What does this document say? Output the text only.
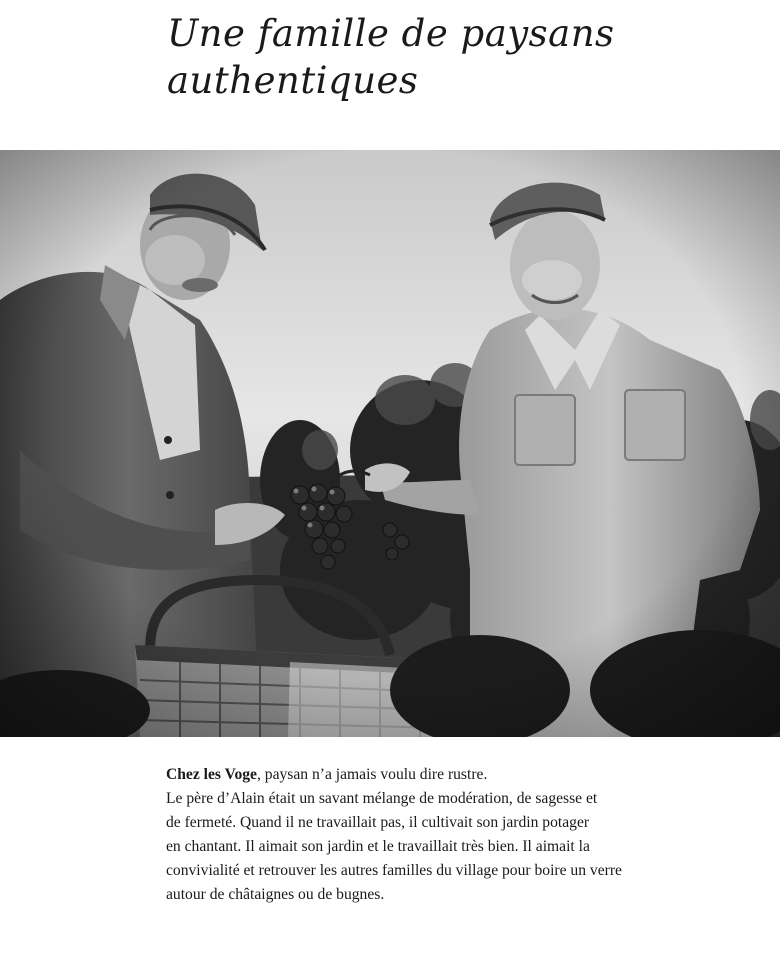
Une famille de paysans
authentiques

Chez les Voge, paysan n’a jamais voulu dire rustre.
Le père d’Alain était un savant mélange de modération, de sagesse et
de fermeté. Quand il ne travaillait pas, il cultivait son jardin potager
en chantant. Il aimait son jardin et le travaillait très bien. Il aimait la
convivialité et retrouver les autres familles du village pour boire un verre
autour de châtaignes ou de bugnes.
